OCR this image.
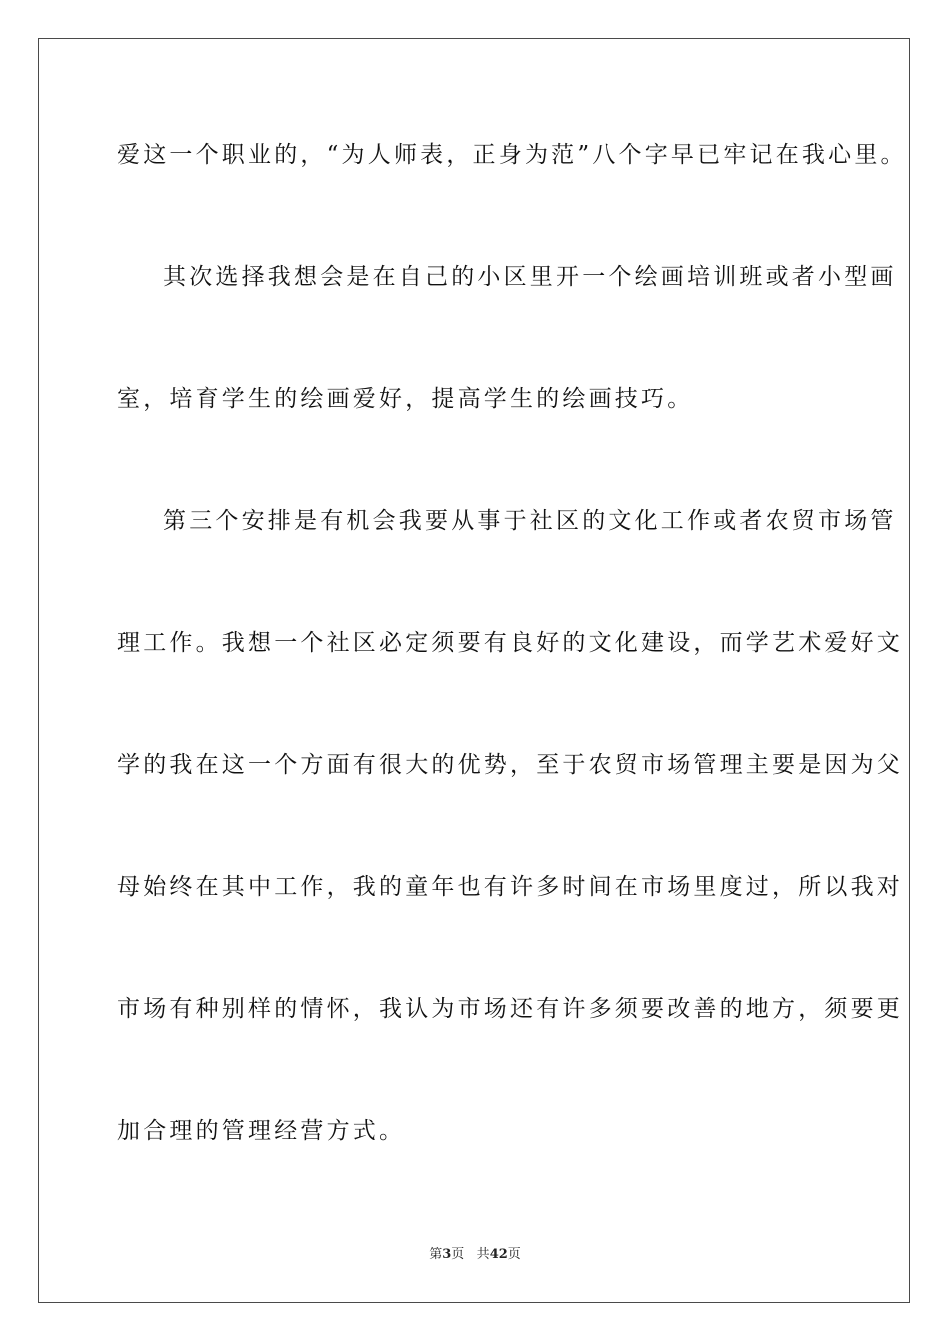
爱这一个职业的，“为人师表，正身为范”八个字早已牢记在我心里。
其次选择我想会是在自己的小区里开一个绘画培训班或者小型画
室，培育学生的绘画爱好，提高学生的绘画技巧。
第三个安排是有机会我要从事于社区的文化工作或者农贸市场管
理工作。我想一个社区必定须要有良好的文化建设，而学艺术爱好文
学的我在这一个方面有很大的优势，至于农贸市场管理主要是因为父
母始终在其中工作，我的童年也有许多时间在市场里度过，所以我对
市场有种别样的情怀，我认为市场还有许多须要改善的地方，须要更
加合理的管理经营方式。
第3页 共42页
